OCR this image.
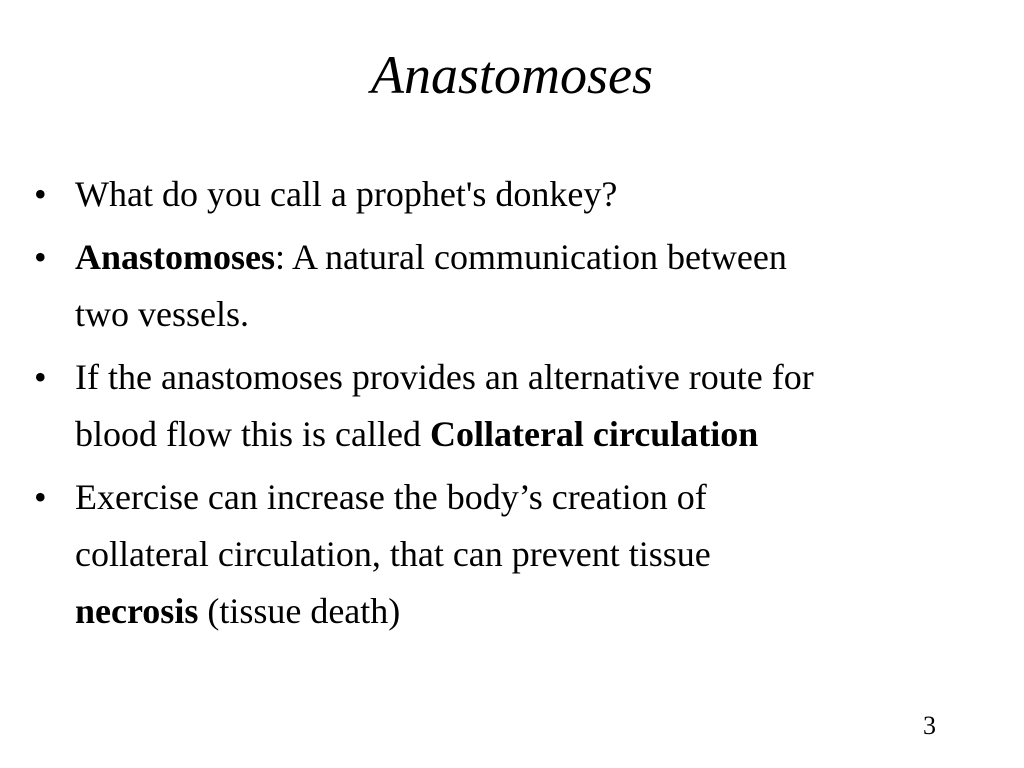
Anastomoses
• What do you call a prophet's donkey?
• Anastomoses: A natural communication between
two vessels.
• If the anastomoses provides an alternative route for
blood flow this is called Collateral circulation
• Exercise can increase the body’s creation of
collateral circulation, that can prevent tissue
necrosis (tissue death)
3
